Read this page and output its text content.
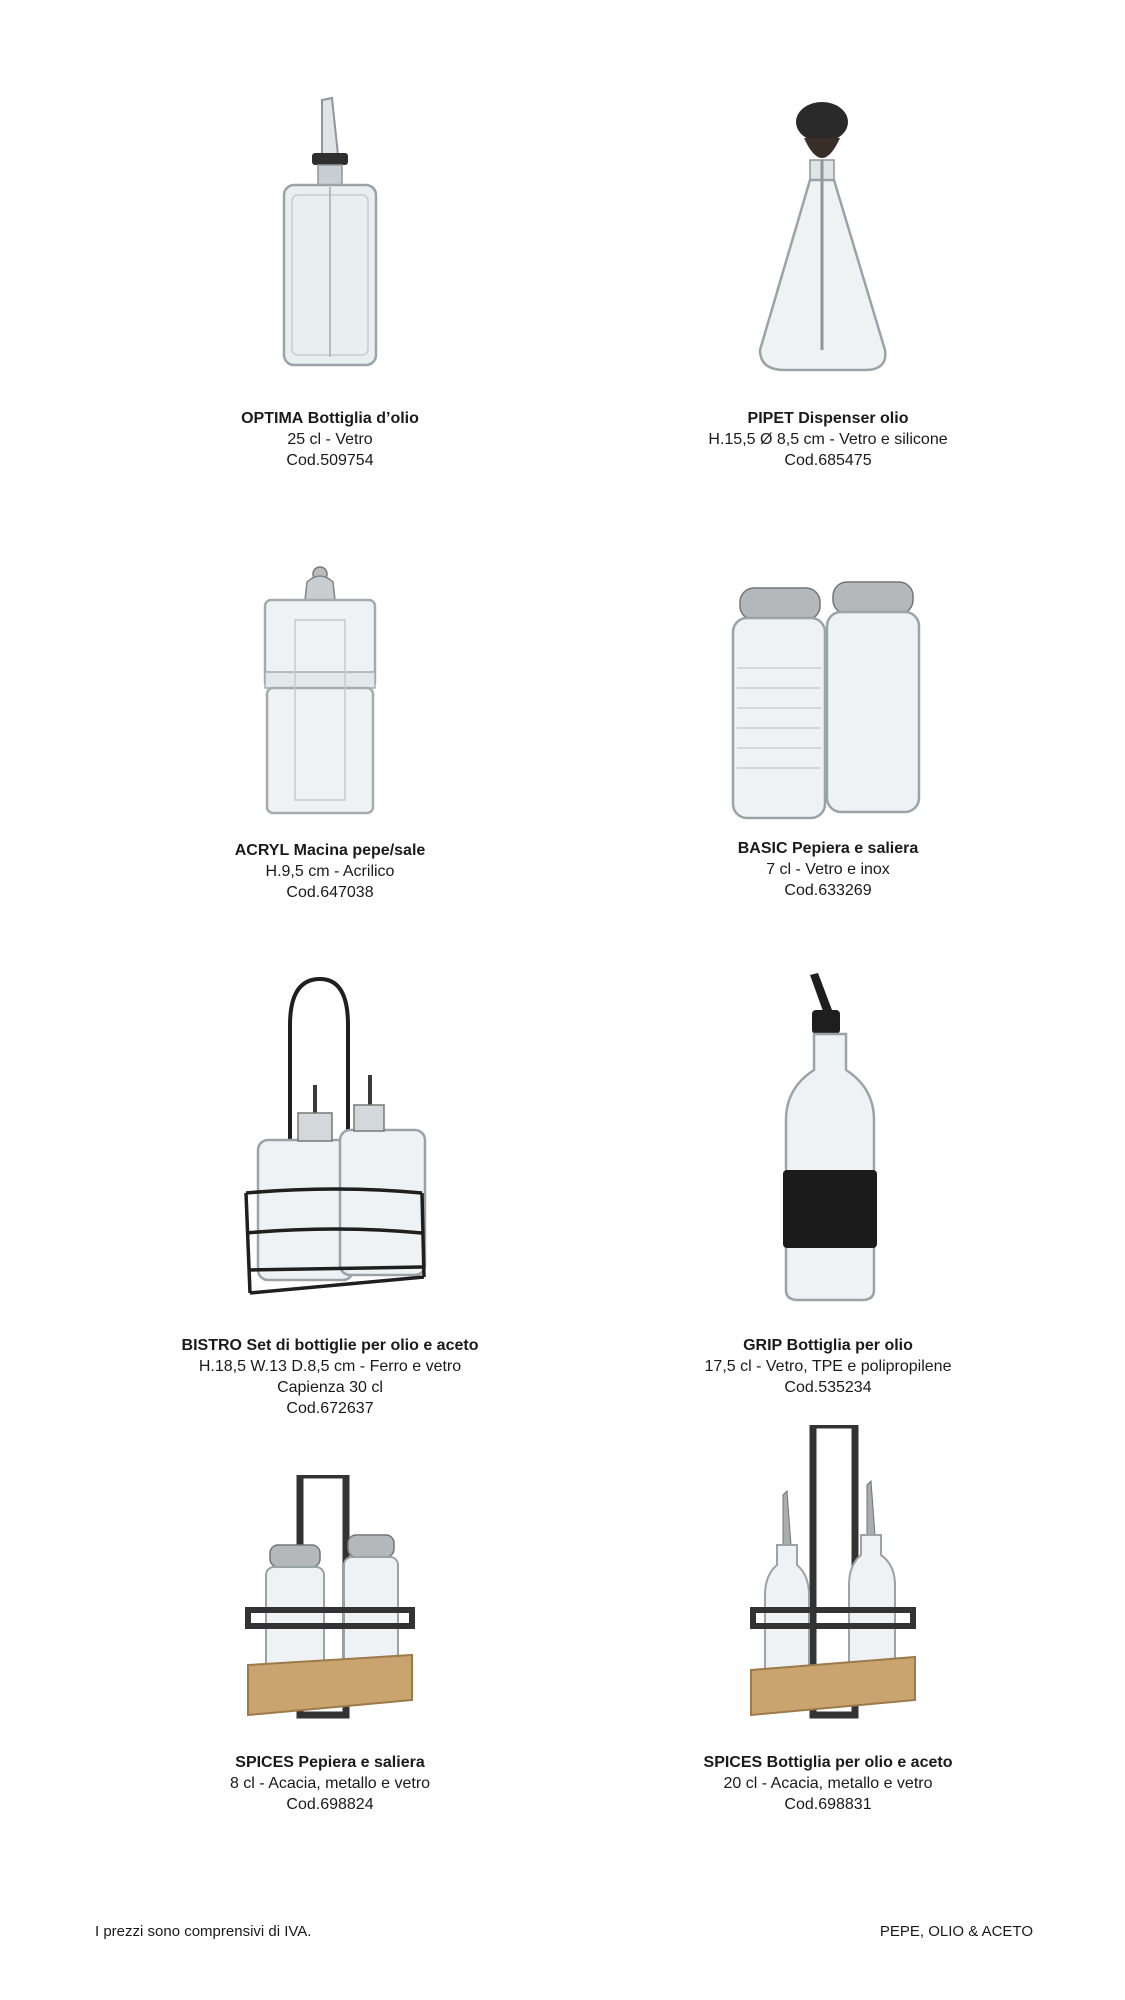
OPTIMA Bottiglia d’olio
25 cl - Vetro
Cod.509754
PIPET Dispenser olio
H.15,5 Ø 8,5 cm - Vetro e silicone
Cod.685475
ACRYL Macina pepe/sale
H.9,5 cm - Acrilico
Cod.647038
BASIC Pepiera e saliera
7 cl - Vetro e inox
Cod.633269
BISTRO Set di bottiglie per olio e aceto
H.18,5 W.13 D.8,5 cm - Ferro e vetro
Capienza 30 cl
Cod.672637
GRIP Bottiglia per olio
17,5 cl - Vetro, TPE e polipropilene
Cod.535234
SPICES Pepiera e saliera
8 cl - Acacia, metallo e vetro
Cod.698824
SPICES Bottiglia per olio e aceto
20 cl - Acacia, metallo e vetro
Cod.698831
I prezzi sono comprensivi di IVA.	PEPE, OLIO & ACETO
